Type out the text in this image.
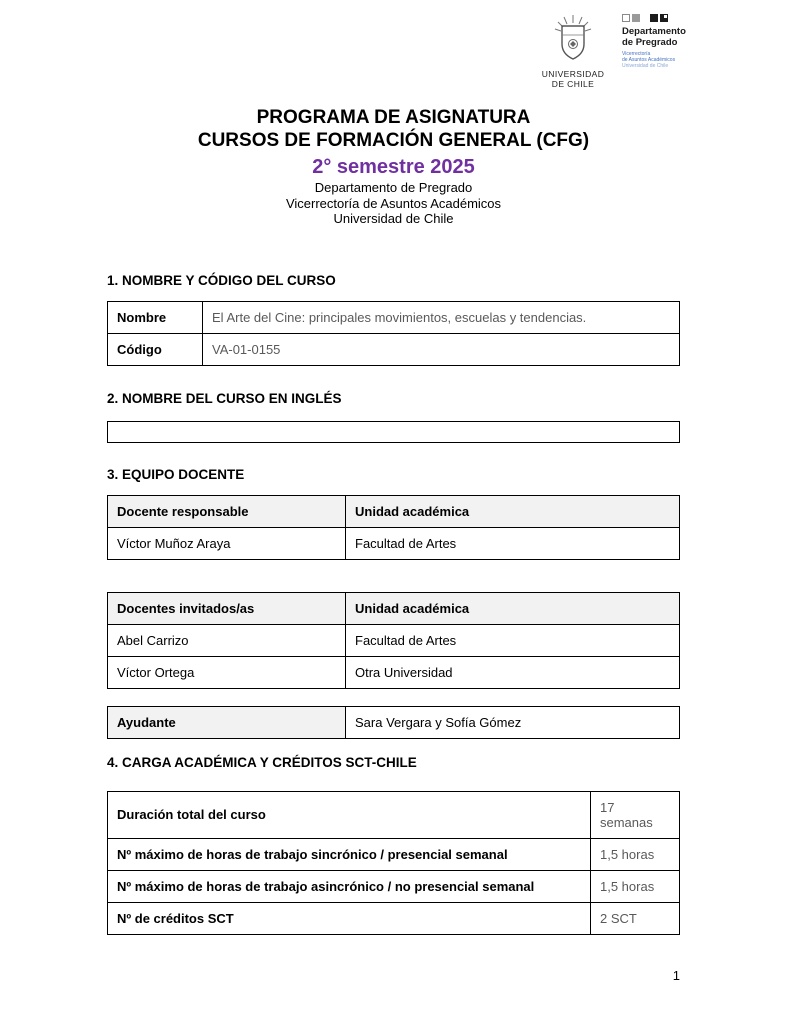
UNIVERSIDAD
DE CHILE
Departamento
de Pregrado
Vicerrectoría
de Asuntos Académicos
Universidad de Chile
PROGRAMA DE ASIGNATURA
CURSOS DE FORMACIÓN GENERAL (CFG)
2° semestre 2025
Departamento de Pregrado
Vicerrectoría de Asuntos Académicos
Universidad de Chile
1. NOMBRE Y CÓDIGO DEL CURSO
Nombre	El Arte del Cine: principales movimientos, escuelas y tendencias.
Código	VA-01-0155
2. NOMBRE DEL CURSO EN INGLÉS
3. EQUIPO DOCENTE
Docente responsable	Unidad académica
Víctor Muñoz Araya	Facultad de Artes
Docentes invitados/as	Unidad académica
Abel Carrizo	Facultad de Artes
Víctor Ortega	Otra Universidad
Ayudante	Sara Vergara y Sofía Gómez
4. CARGA ACADÉMICA Y CRÉDITOS SCT-CHILE
Duración total del curso	17 semanas
Nº máximo de horas de trabajo sincrónico / presencial semanal	1,5 horas
Nº máximo de horas de trabajo asincrónico / no presencial semanal	1,5 horas
Nº de créditos SCT	2 SCT
1
